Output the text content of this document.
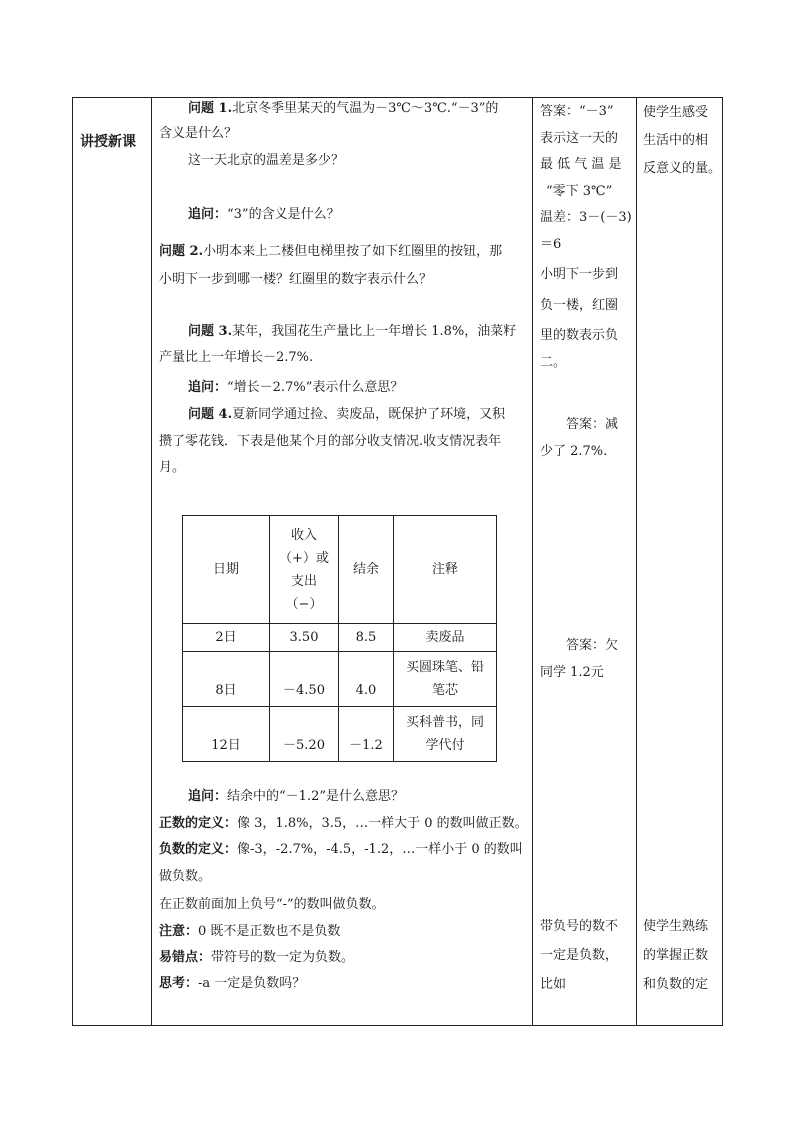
讲授新课
问题 1.北京冬季里某天的气温为－3℃～3℃.“－3”的
含义是什么？
这一天北京的温差是多少？
追问：“3”的含义是什么？
问题 2.小明本来上二楼但电梯里按了如下红圈里的按钮，那
小明下一步到哪一楼？红圈里的数字表示什么？
问题 3.某年，我国花生产量比上一年增长 1.8%，油菜籽
产量比上一年增长－2.7%.
追问：“增长－2.7%”表示什么意思？
问题 4.夏新同学通过捡、卖废品，既保护了环境，又积
攒了零花钱．下表是他某个月的部分收支情况.收支情况表年
月。
日期	收入
（+）或
支出
（−）	结余	注释
2日	3.50	8.5	卖废品
8日	－4.50	4.0	买圆珠笔、铅
笔芯

12日	－5.20	－1.2	买科普书，同
学代付
追问：结余中的“－1.2”是什么意思？
正数的定义：像 3，1.8%，3.5，…一样大于 0 的数叫做正数。
负数的定义：像-3，-2.7%，-4.5，-1.2，…一样小于 0 的数叫
做负数。
在正数前面加上负号“-”的数叫做负数。
注意：0 既不是正数也不是负数
易错点：带符号的数一定为负数。
思考：-a 一定是负数吗？
答案：“－3”
表示这一天的
最 低 气 温 是
“零下 3℃”
温差：3－(－3)
＝6
小明下一步到
负一楼，红圈
里的数表示负
二。
答案：减
少了 2.7%.
答案：欠
同学 1.2元
带负号的数不
一定是负数，
比如
使学生感受
生活中的相
反意义的量。
使学生熟练
的掌握正数
和负数的定
